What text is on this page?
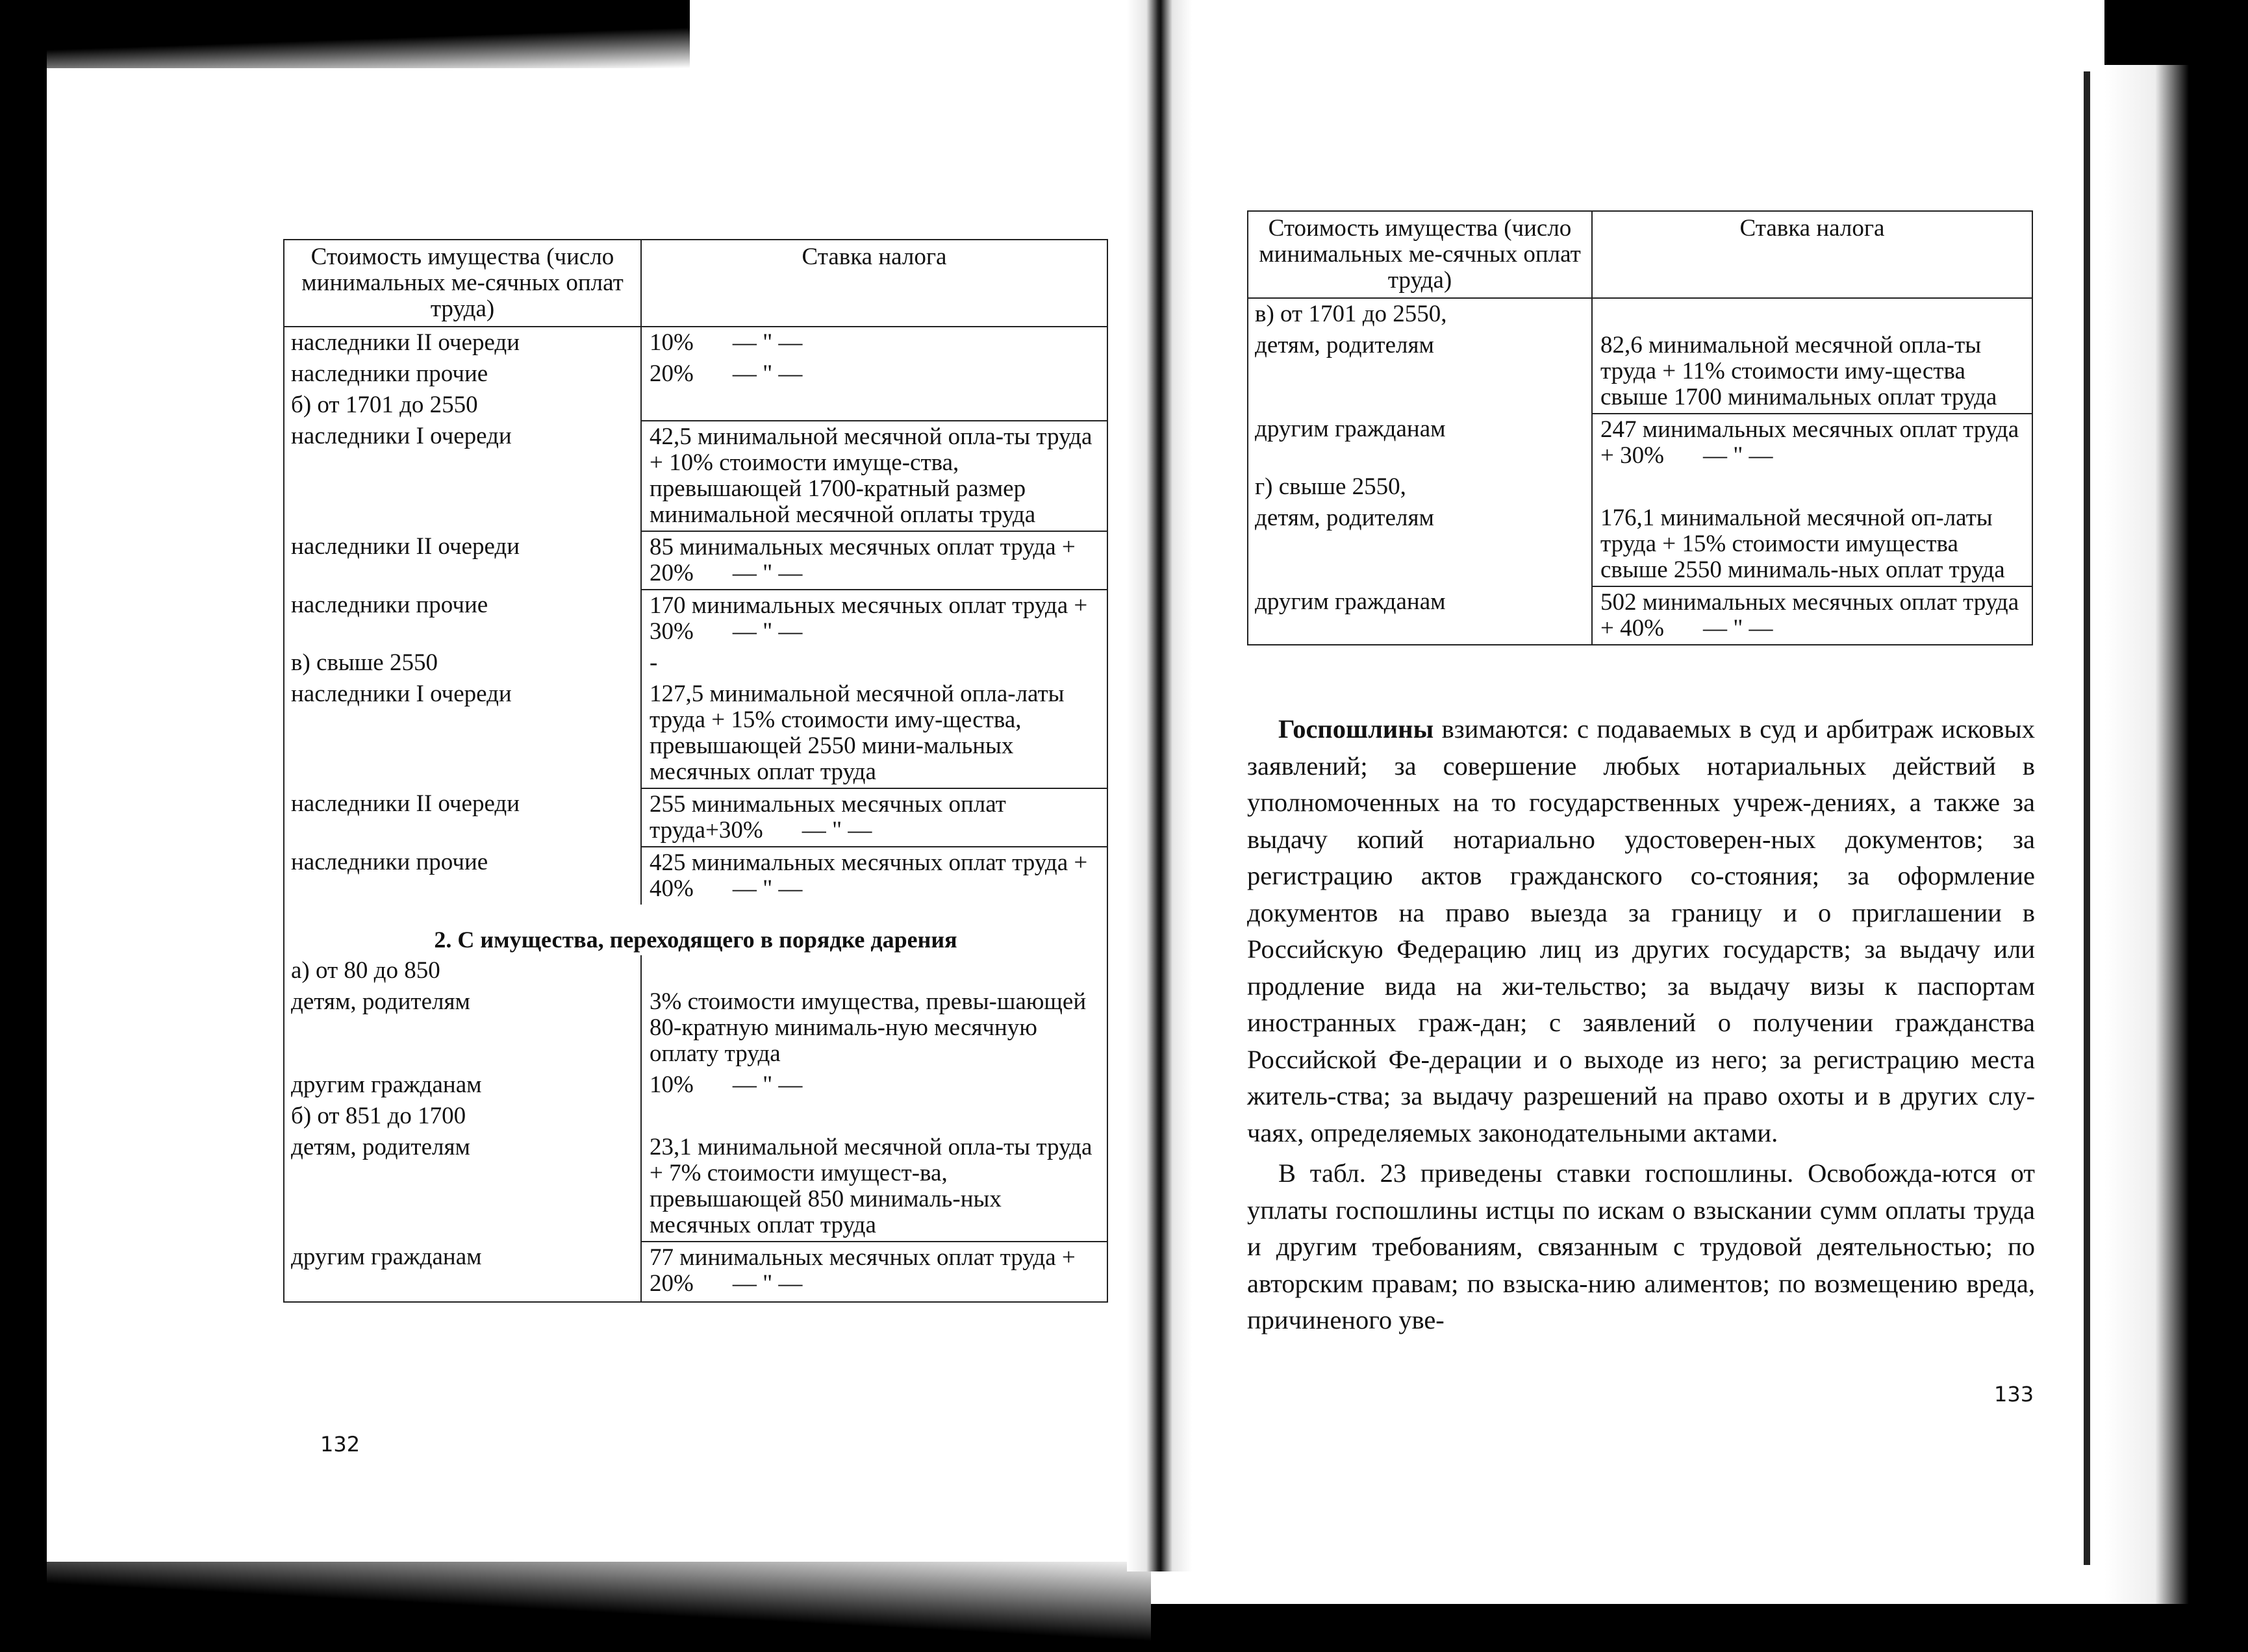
Стоимость имущества (число минимальных ме-сячных оплат труда)	Ставка налога
наследники II очереди	10% — " —
наследники прочие	20% — " —
б) от 1701 до 2550	
наследники I очереди	42,5 минимальной месячной опла-ты труда + 10% стоимости имуще-ства, превышающей 1700-кратный размер минимальной месячной оплаты труда
наследники II очереди	85 минимальных месячных оплат труда + 20% — " —
наследники прочие	170 минимальных месячных оплат труда + 30% — " —
в) свыше 2550	-
наследники I очереди	127,5 минимальной месячной опла-латы труда + 15% стоимости иму-щества, превышающей 2550 мини-мальных месячных оплат труда
наследники II очереди	255 минимальных месячных оплат труда+30% — " —
наследники прочие	425 минимальных месячных оплат труда + 40% — " —
2. С имущества, переходящего в порядке дарения	
а) от 80 до 850	
детям, родителям	3% стоимости имущества, превы-шающей 80-кратную минималь-ную месячную оплату труда
другим гражданам	10% — " —
б) от 851 до 1700	
детям, родителям	23,1 минимальной месячной опла-ты труда + 7% стоимости имущест-ва, превышающей 850 минималь-ных месячных оплат труда
другим гражданам	77 минимальных месячных оплат труда + 20% — " —
132
Стоимость имущества (число минимальных ме-сячных оплат труда)	Ставка налога
в) от 1701 до 2550,	
детям, родителям	82,6 минимальной месячной опла-ты труда + 11% стоимости иму-щества свыше 1700 минимальных оплат труда
другим гражданам	247 минимальных месячных оплат труда + 30% — " —
г) свыше 2550,	
детям, родителям	176,1 минимальной месячной оп-латы труда + 15% стоимости имущества свыше 2550 минималь-ных оплат труда
другим гражданам	502 минимальных месячных оплат труда + 40% — " —

Госпошлины взимаются: с подаваемых в суд и арбитраж исковых заявлений; за совершение любых нотариальных действий в уполномоченных на то государственных учреж-дениях, а также за выдачу копий нотариально удостоверен-ных документов; за регистрацию актов гражданского со-стояния; за оформление документов на право выезда за границу и о приглашении в Российскую Федерацию лиц из других государств; за выдачу или продление вида на жи-тельство; за выдачу визы к паспортам иностранных граж-дан; с заявлений о получении гражданства Российской Фе-дерации и о выходе из него; за регистрацию места житель-ства; за выдачу разрешений на право охоты и в других слу-чаях, определяемых законодательными актами.

В табл. 23 приведены ставки госпошлины. Освобожда-ются от уплаты госпошлины истцы по искам о взыскании сумм оплаты труда и другим требованиям, связанным с трудовой деятельностью; по авторским правам; по взыска-нию алиментов; по возмещению вреда, причиненого уве-

133
